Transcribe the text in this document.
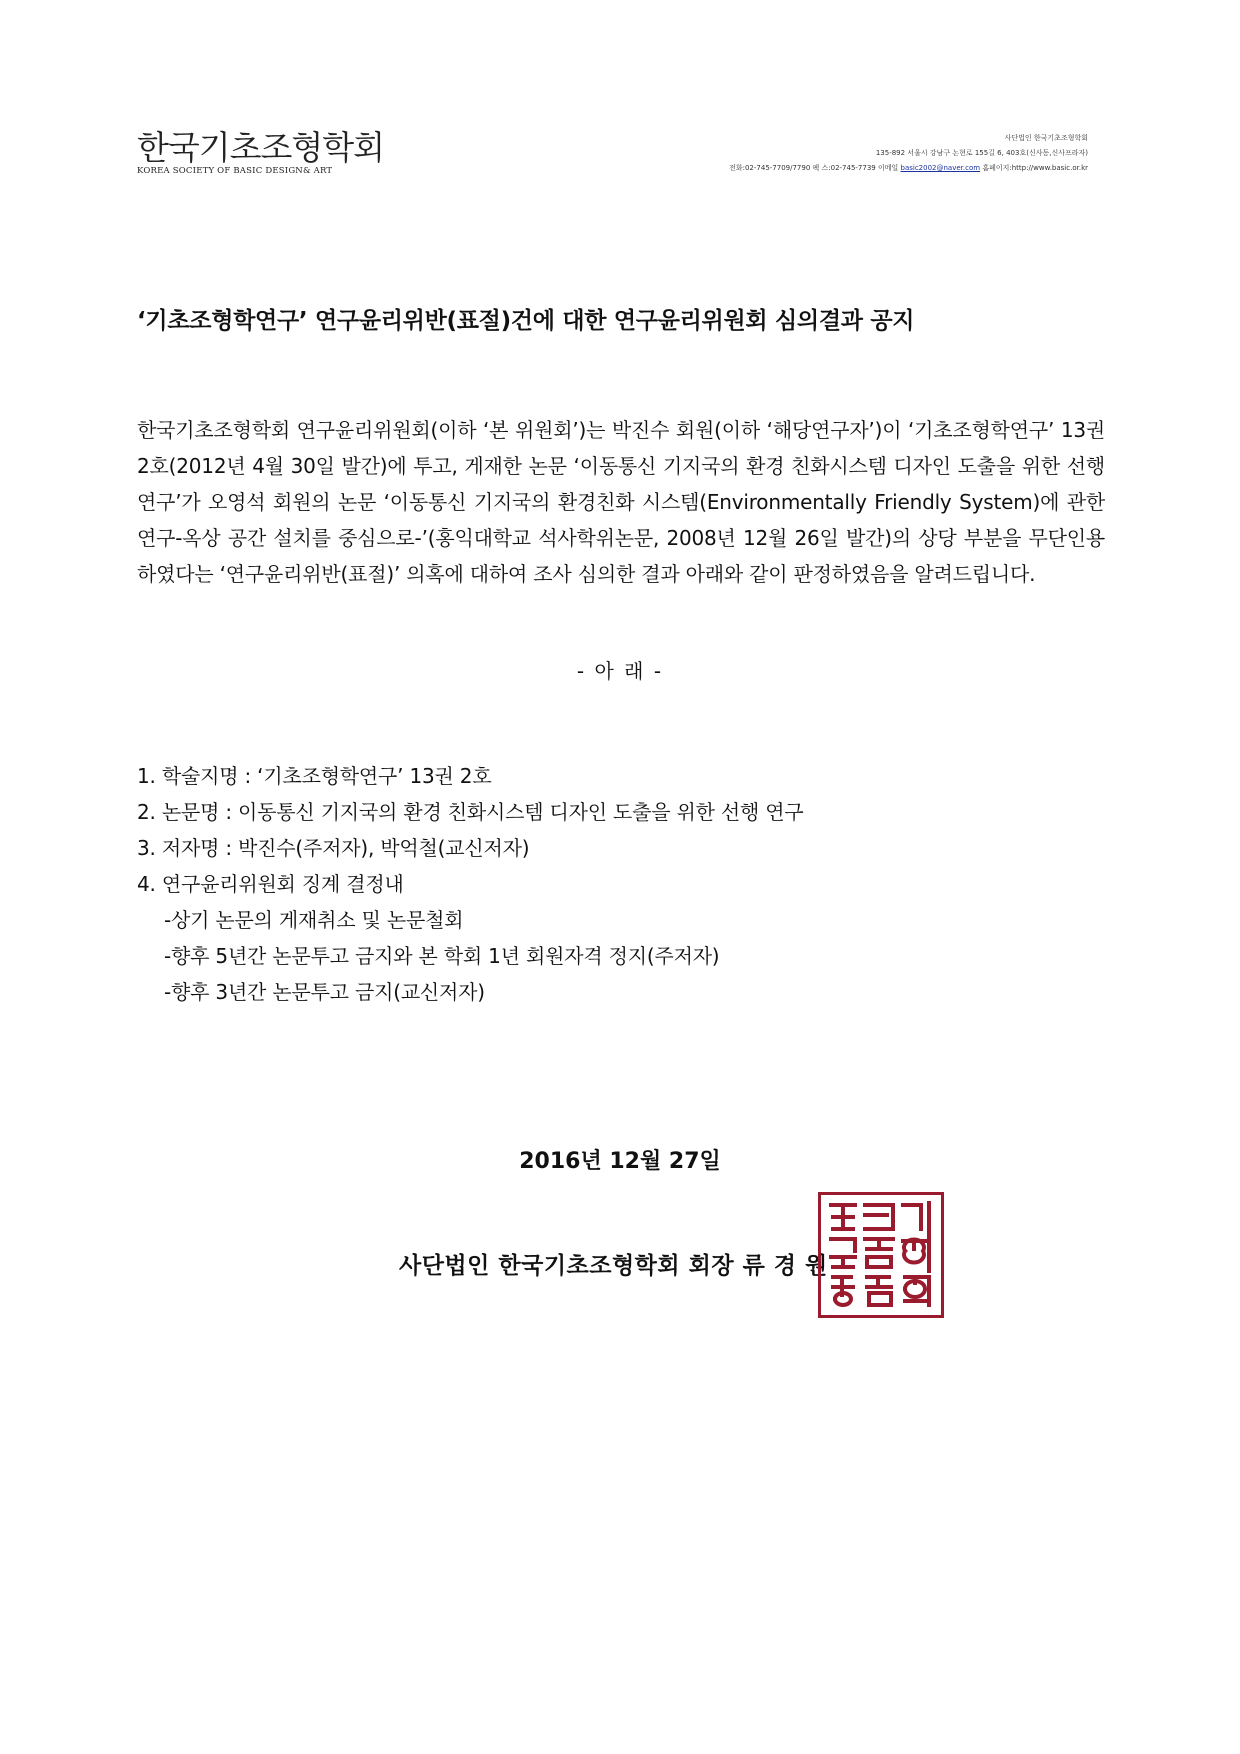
한국기초조형학회
KOREA SOCIETY OF BASIC DESIGN& ART
사단법인 한국기초조형학회
135-892 서울시 강남구 논현로 155길 6, 403호(신사동,신사프라자)
전화:02-745-7709/7790 팩 스:02-745-7739 이메일 basic2002@naver.com 홈페이지:http://www.basic.or.kr
‘기초조형학연구’ 연구윤리위반(표절)건에 대한 연구윤리위원회 심의결과 공지
한국기초조형학회 연구윤리위원회(이하 ‘본 위원회’)는 박진수 회원(이하 ‘해당연구자’)이 ‘기초조형학연구’ 13권 2호(2012년 4월 30일 발간)에 투고, 게재한 논문 ‘이동통신 기지국의 환경 친화시스템 디자인 도출을 위한 선행 연구’가 오영석 회원의 논문 ‘이동통신 기지국의 환경친화 시스템(Environmentally Friendly System)에 관한 연구-옥상 공간 설치를 중심으로-’(홍익대학교 석사학위논문, 2008년 12월 26일 발간)의 상당 부분을 무단인용하였다는 ‘연구윤리위반(표절)’ 의혹에 대하여 조사 심의한 결과 아래와 같이 판정하였음을 알려드립니다.
- 아 래 -
1. 학술지명 : ‘기초조형학연구’ 13권 2호
2. 논문명 : 이동통신 기지국의 환경 친화시스템 디자인 도출을 위한 선행 연구
3. 저자명 : 박진수(주저자), 박억철(교신저자)
4. 연구윤리위원회 징계 결정내
-상기 논문의 게재취소 및 논문철회
-향후 5년간 논문투고 금지와 본 학회 1년 회원자격 정지(주저자)
-향후 3년간 논문투고 금지(교신저자)
2016년 12월 27일
사단법인 한국기초조형학회 회장 류 경 원
